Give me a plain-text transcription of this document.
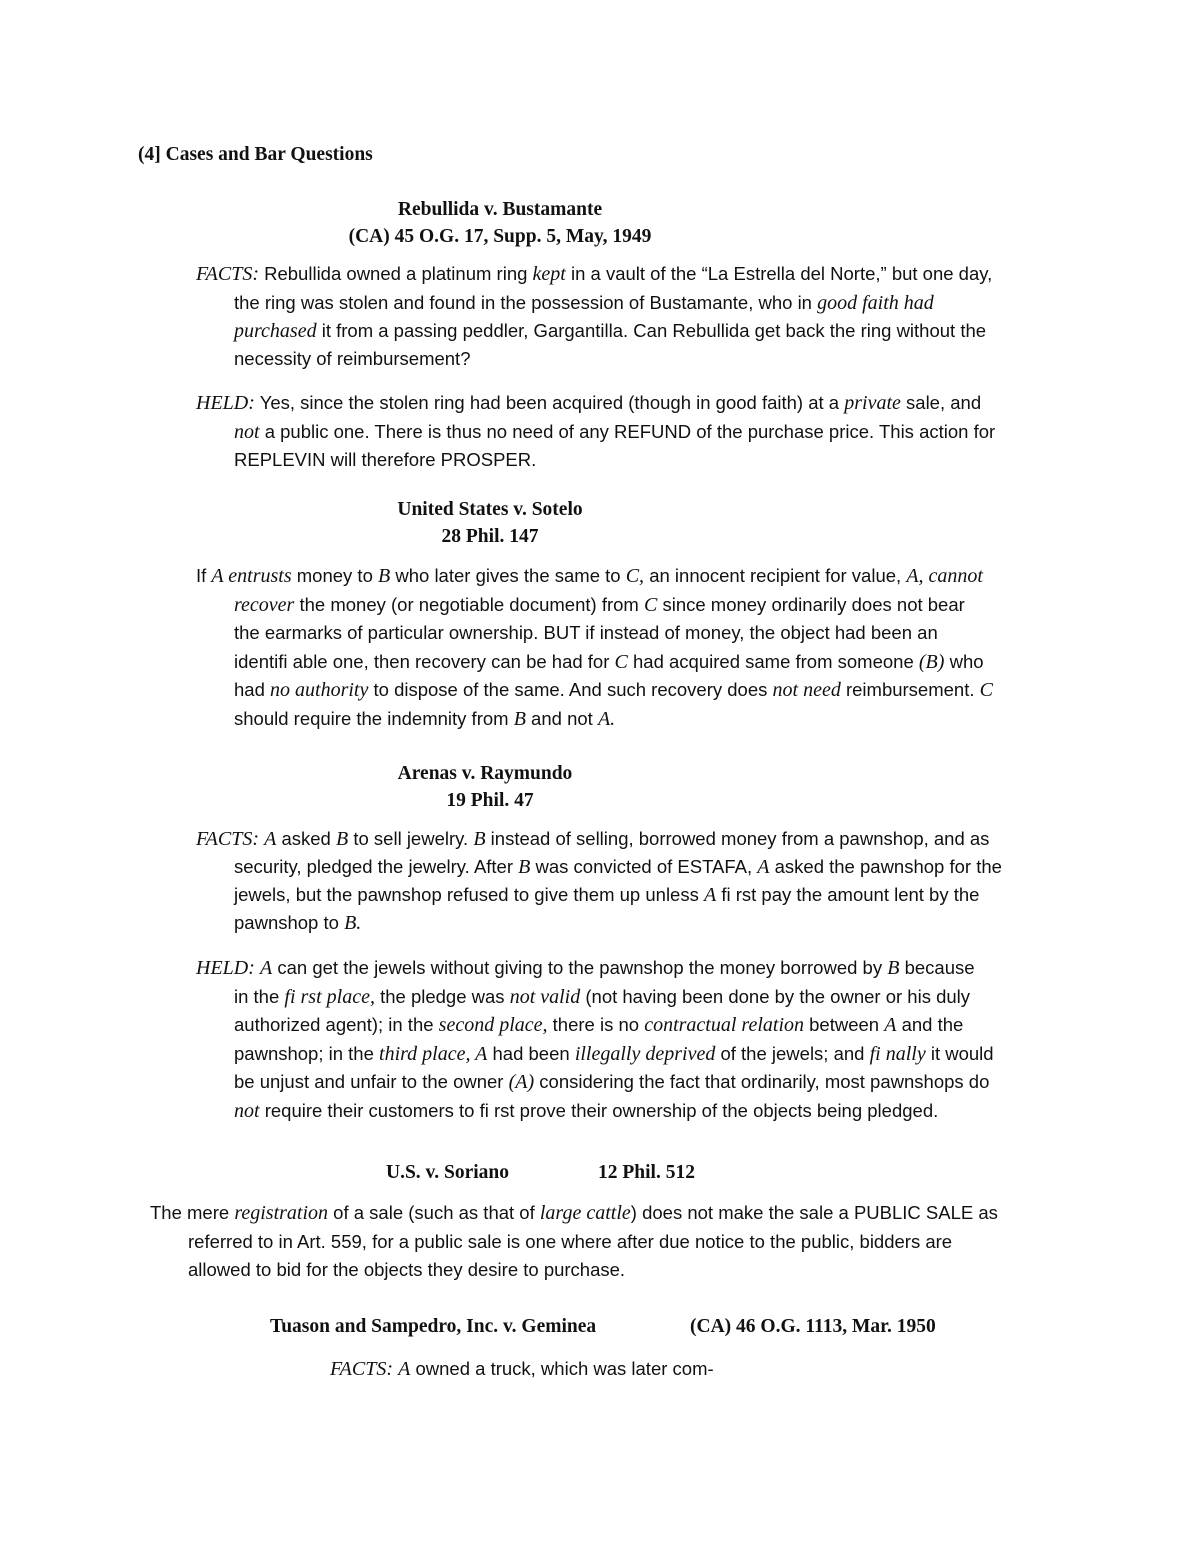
(4] Cases and Bar Questions
Rebullida v. Bustamante
(CA) 45 O.G. 17, Supp. 5, May, 1949
FACTS: Rebullida owned a platinum ring kept in a vault of the “La Estrella del Norte,” but one day,
the ring was stolen and found in the possession of Bustamante, who in good faith had
purchased it from a passing peddler, Gargantilla. Can Rebullida get back the ring without the
necessity of reimbursement?
HELD: Yes, since the stolen ring had been acquired (though in good faith) at a private sale, and
not a public one. There is thus no need of any REFUND of the purchase price. This action for
REPLEVIN will therefore PROSPER.
United States v. Sotelo
28 Phil. 147
If A entrusts money to B who later gives the same to C, an innocent recipient for value, A, cannot
recover the money (or negotiable document) from C since money ordinarily does not bear
the earmarks of particular ownership. BUT if instead of money, the object had been an
identifi able one, then recovery can be had for C had acquired same from someone (B) who
had no authority to dispose of the same. And such recovery does not need reimbursement. C
should require the indemnity from B and not A.
Arenas v. Raymundo
19 Phil. 47
FACTS: A asked B to sell jewelry. B instead of selling, borrowed money from a pawnshop, and as
security, pledged the jewelry. After B was convicted of ESTAFA, A asked the pawnshop for the
jewels, but the pawnshop refused to give them up unless A fi rst pay the amount lent by the
pawnshop to B.
HELD: A can get the jewels without giving to the pawnshop the money borrowed by B because
in the fi rst place, the pledge was not valid (not having been done by the owner or his duly
authorized agent); in the second place, there is no contractual relation between A and the
pawnshop; in the third place, A had been illegally deprived of the jewels; and fi nally it would
be unjust and unfair to the owner (A) considering the fact that ordinarily, most pawnshops do
not require their customers to fi rst prove their ownership of the objects being pledged.
U.S. v. Soriano	12 Phil. 512
The mere registration of a sale (such as that of large cattle) does not make the sale a PUBLIC SALE as
referred to in Art. 559, for a public sale is one where after due notice to the public, bidders are
allowed to bid for the objects they desire to purchase.
Tuason and Sampedro, Inc. v. Geminea	(CA) 46 O.G. 1113, Mar. 1950
FACTS: A owned a truck, which was later com-
